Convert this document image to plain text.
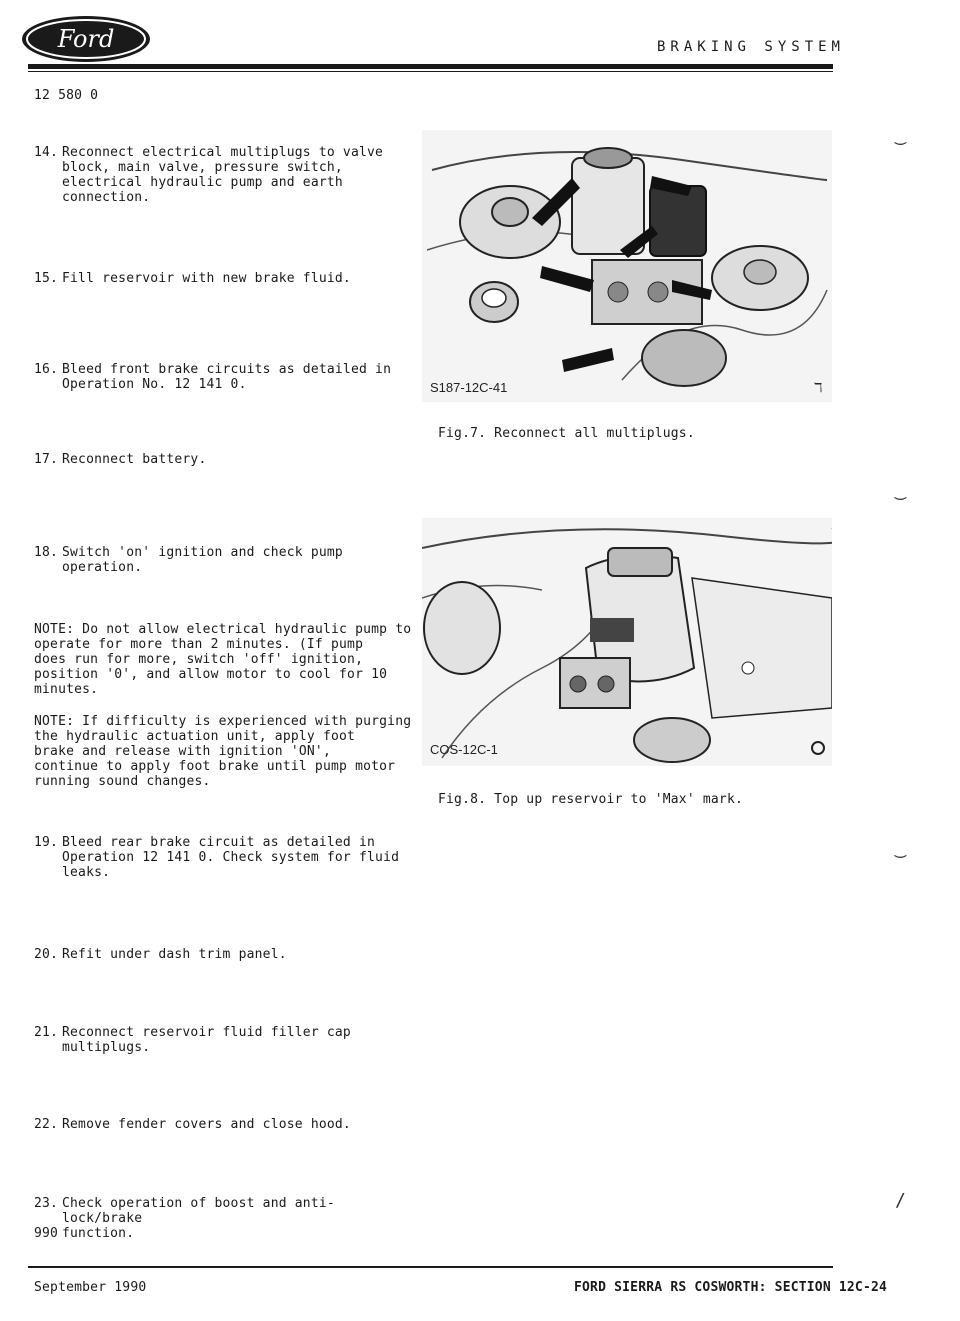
Ford	BRAKING SYSTEM
12 580 0

14. Reconnect electrical multiplugs to valve
block, main valve, pressure switch,
electrical hydraulic pump and earth
connection.

15. Fill reservoir with new brake fluid.

16. Bleed front brake circuits as detailed in
Operation No. 12 141 0.

17. Reconnect battery.

18. Switch 'on' ignition and check pump
operation.

NOTE: Do not allow electrical hydraulic pump to
operate for more than 2 minutes. (If pump
does run for more, switch 'off' ignition,
position '0', and allow motor to cool for 10
minutes.
NOTE: If difficulty is experienced with purging
the hydraulic actuation unit, apply foot
brake and release with ignition 'ON',
continue to apply foot brake until pump motor
running sound changes.

19. Bleed rear brake circuit as detailed in
Operation 12 141 0. Check system for fluid
leaks.

20. Refit under dash trim panel.

21. Reconnect reservoir fluid filler cap
multiplugs.

22. Remove fender covers and close hood.

23. Check operation of boost and anti-lock/brake
function.

990
S187-12C-41	ℸ
Fig.7. Reconnect all multiplugs.
COS-12C-1
Fig.8. Top up reservoir to 'Max' mark.
‿
‿
‿
/
September 1990	FORD SIERRA RS COSWORTH: SECTION 12C-24
